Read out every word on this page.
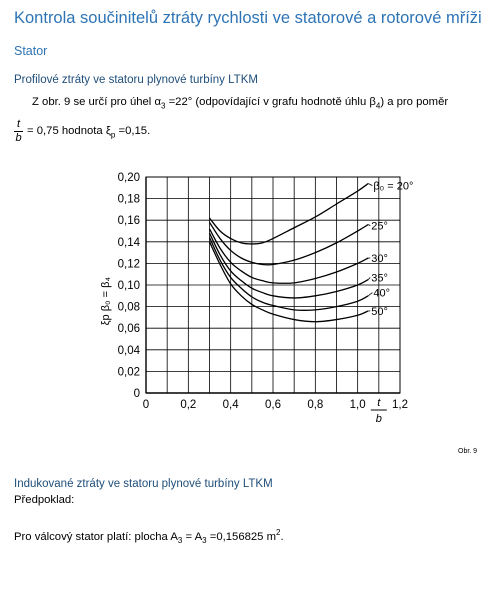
Kontrola součinitelů ztráty rychlosti ve statorové a rotorové mříži
Stator
Profilové ztráty ve statoru plynové turbíny LTKM
Z obr. 9 se určí pro úhel $\alpha_3 =22^\circ$ (odpovídající v grafu hodnotě úhlu $\beta_4$) a pro poměr
t
b
= 0,75 hodnota $\xi_p =0,15$.
0
0,02
0,04
0,06
0,08
0,10
0,12
0,14
0,16
0,18
0,20
0	0,2 0,4 0,6 0,8 1,0 1,2
t
b
ξp β₀ = β₄
β₀ = 20°
25°
30°
35°
40°
50°
Obr. 9
Indukované ztráty ve statoru plynové turbíny LTKM
Předpoklad:
Pro válcový stator platí: plocha $A_3 = A_3 =0,156825$ $m^2$.
